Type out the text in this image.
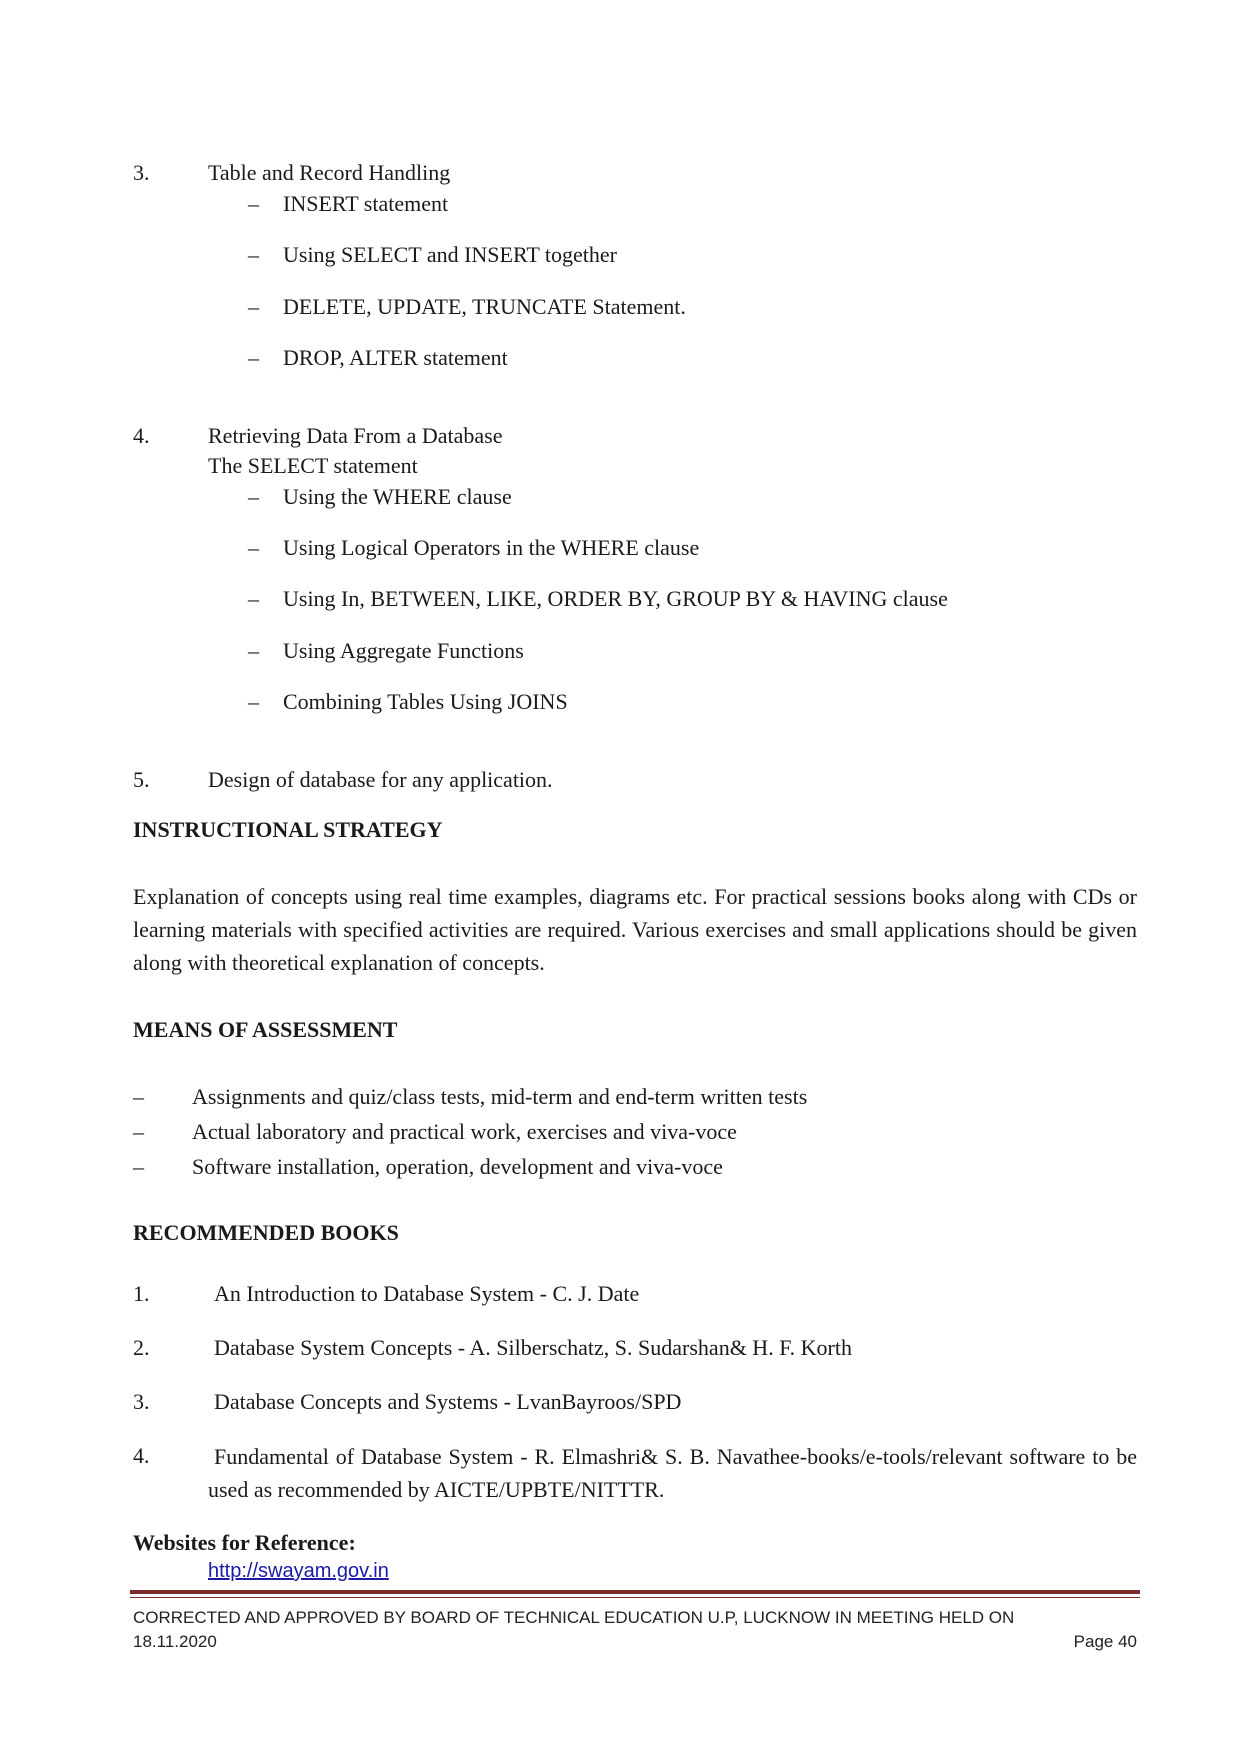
3.	Table and Record Handling
– INSERT statement
– Using SELECT and INSERT together
– DELETE, UPDATE, TRUNCATE Statement.
– DROP, ALTER statement
4.	Retrieving Data From a Database
The SELECT statement
– Using the WHERE clause
– Using Logical Operators in the WHERE clause
– Using In, BETWEEN, LIKE, ORDER BY, GROUP BY & HAVING clause
– Using Aggregate Functions
– Combining Tables Using JOINS
5.	Design of database for any application.
INSTRUCTIONAL STRATEGY
Explanation of concepts using real time examples, diagrams etc. For practical sessions books along with CDs or learning materials with specified activities are required. Various exercises and small applications should be given along with theoretical explanation of concepts.
MEANS OF ASSESSMENT
– Assignments and quiz/class tests, mid-term and end-term written tests
– Actual laboratory and practical work, exercises and viva-voce
– Software installation, operation, development and viva-voce
RECOMMENDED BOOKS
1.	An Introduction to Database System - C. J. Date
2.	Database System Concepts - A. Silberschatz, S. Sudarshan& H. F. Korth
3.	Database Concepts and Systems - LvanBayroos/SPD
4.	Fundamental of Database System - R. Elmashri& S. B. Navathee-books/e-tools/relevant software to be used as recommended by AICTE/UPBTE/NITTTR.
Websites for Reference:
http://swayam.gov.in
CORRECTED AND APPROVED BY BOARD OF TECHNICAL EDUCATION U.P, LUCKNOW IN MEETING HELD ON
18.11.2020	Page 40
